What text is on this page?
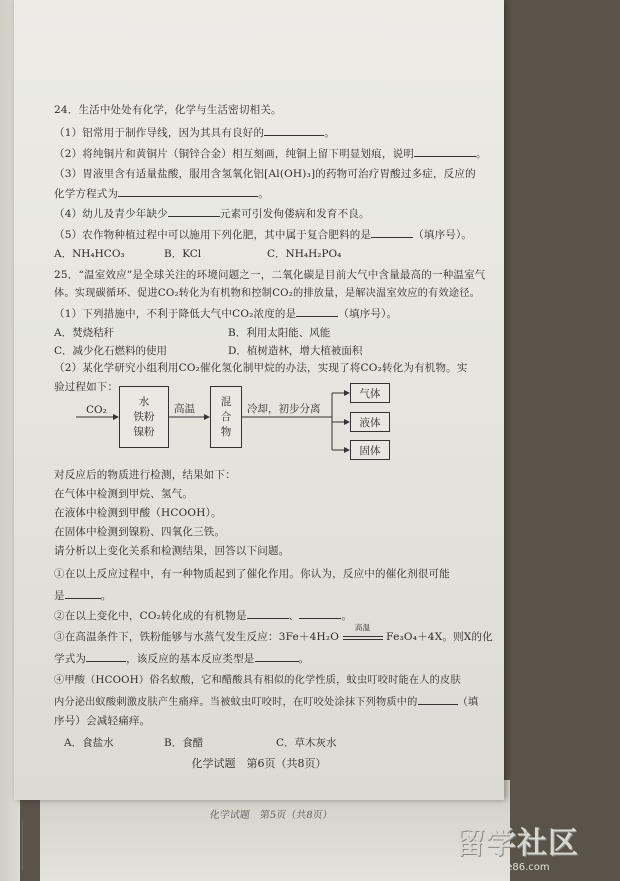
24．生活中处处有化学，化学与生活密切相关。
（1）铝常用于制作导线，因为其具有良好的	。
（2）将纯铜片和黄铜片（铜锌合金）相互刻画，纯铜上留下明显划痕，说明	。
（3）胃液里含有适量盐酸，服用含氢氧化铝[Al(OH)₃]的药物可治疗胃酸过多症，反应的
化学方程式为	。
（4）幼儿及青少年缺少	元素可引发佝偻病和发育不良。
（5）农作物种植过程中可以施用下列化肥，其中属于复合肥料的是	（填序号）。
A．NH₄HCO₃	B．KCl	C．NH₄H₂PO₄
25．“温室效应”是全球关注的环境问题之一，二氧化碳是目前大气中含量最高的一种温室气
体。实现碳循环、促进CO₂转化为有机物和控制CO₂的排放量，是解决温室效应的有效途径。
（1）下列措施中，不利于降低大气中CO₂浓度的是	（填序号）。
A．焚烧秸秆	B．利用太阳能、风能
C．减少化石燃料的使用	D．植树造林，增大植被面积
（2）某化学研究小组利用CO₂催化氢化制甲烷的办法，实现了将CO₂转化为有机物。实
验过程如下：
CO₂
水
铁粉
镍粉
高温
混
合
物
冷却，初步分离
气体
液体
固体
对反应后的物质进行检测，结果如下：
在气体中检测到甲烷、氢气。
在液体中检测到甲酸（HCOOH）。
在固体中检测到镍粉、四氧化三铁。
请分析以上变化关系和检测结果，回答以下问题。
①在以上反应过程中，有一种物质起到了催化作用。你认为，反应中的催化剂很可能
是	。
②在以上变化中，CO₂转化成的有机物是	、	。
③在高温条件下，铁粉能够与水蒸气发生反应：3Fe＋4H₂O
高温
Fe₃O₄＋4X。则X的化
学式为	，该反应的基本反应类型是	。
④甲酸（HCOOH）俗名蚁酸，它和醋酸具有相似的化学性质，蚊虫叮咬时能在人的皮肤
内分泌出蚁酸刺激皮肤产生痛痒。当被蚊虫叮咬时，在叮咬处涂抹下列物质中的	（填
序号）会减轻痛痒。
A．食盐水	B．食醋	C．草木灰水
化学试题　第6页（共8页）
化学试题　第5页（共8页）
留学社区
bbs.liuxue86.com
